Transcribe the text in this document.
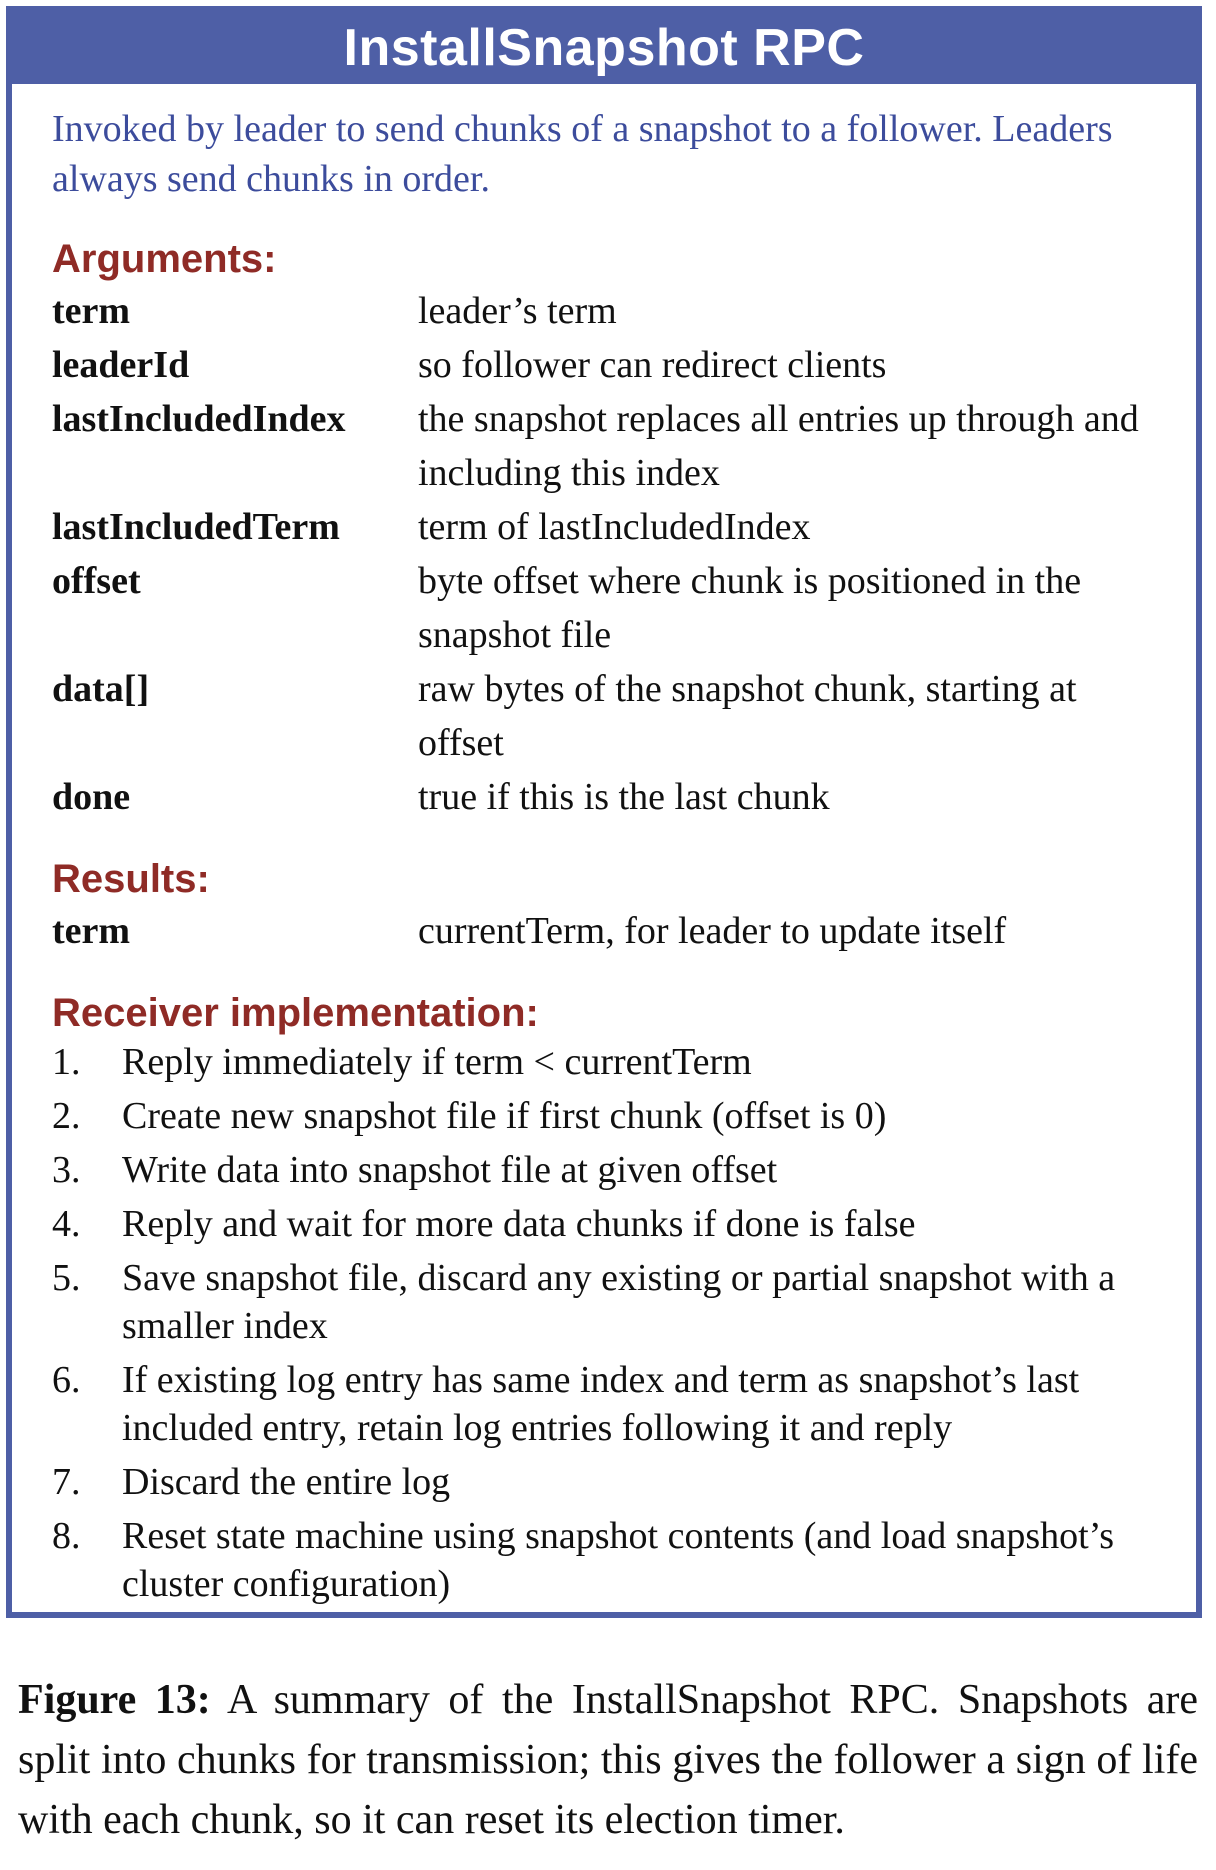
InstallSnapshot RPC

Invoked by leader to send chunks of a snapshot to a follower. Leaders always send chunks in order.

Arguments:
term	leader’s term
leaderId	so follower can redirect clients
lastIncludedIndex	the snapshot replaces all entries up through and including this index
lastIncludedTerm	term of lastIncludedIndex
offset	byte offset where chunk is positioned in the snapshot file
data[]	raw bytes of the snapshot chunk, starting at offset
done	true if this is the last chunk
Results:
term	currentTerm, for leader to update itself
Receiver implementation:
1.	Reply immediately if term < currentTerm
2.	Create new snapshot file if first chunk (offset is 0)
3.	Write data into snapshot file at given offset
4.	Reply and wait for more data chunks if done is false
5.	Save snapshot file, discard any existing or partial snapshot with a smaller index
6.	If existing log entry has same index and term as snapshot’s last included entry, retain log entries following it and reply
7.	Discard the entire log
8.	Reset state machine using snapshot contents (and load snapshot’s cluster configuration)

Figure 13: A summary of the InstallSnapshot RPC. Snapshots are split into chunks for transmission; this gives the follower a sign of life with each chunk, so it can reset its election timer.
